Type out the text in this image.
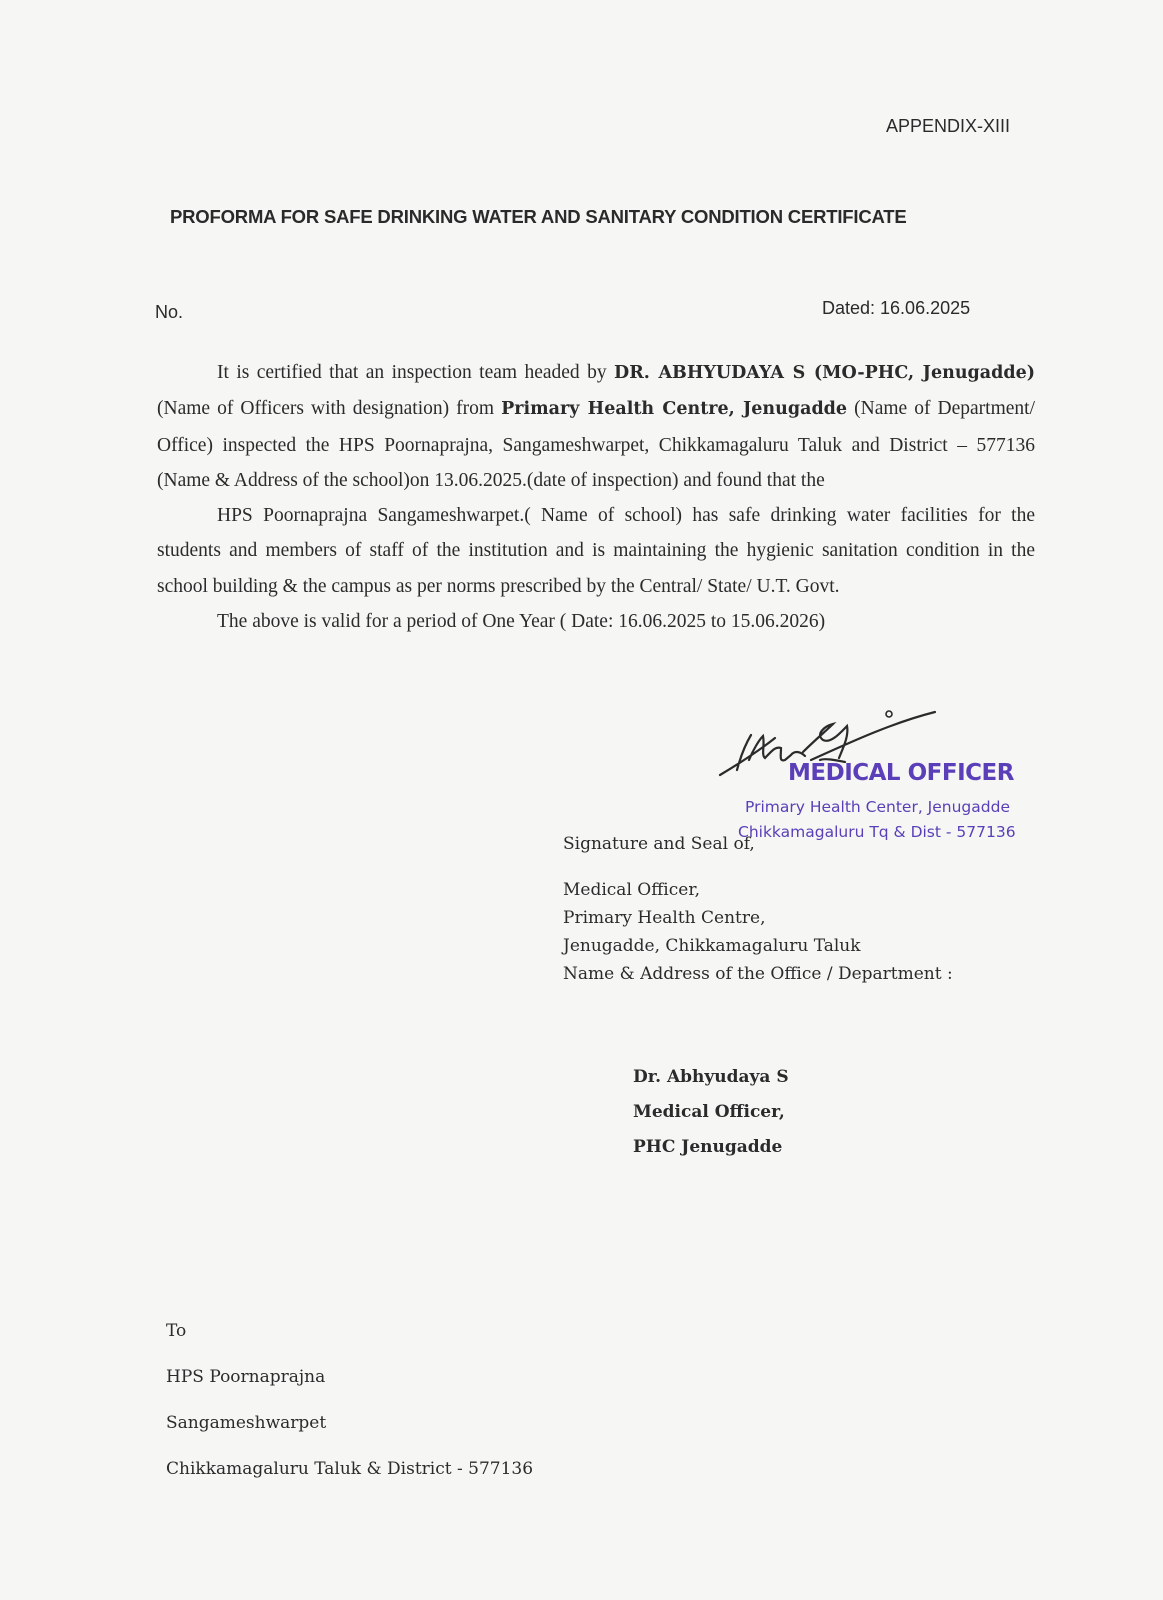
APPENDIX-XIII
PROFORMA FOR SAFE DRINKING WATER AND SANITARY CONDITION CERTIFICATE
No.	Dated: 16.06.2025

It is certified that an inspection team headed by DR. ABHYUDAYA S (MO-PHC, Jenugadde) (Name of Officers with designation) from Primary Health Centre, Jenugadde (Name of Department/ Office) inspected the HPS Poornaprajna, Sangameshwarpet, Chikkamagaluru Taluk and District – 577136 (Name & Address of the school)on 13.06.2025.(date of inspection) and found that the

HPS Poornaprajna Sangameshwarpet.( Name of school) has safe drinking water facilities for the students and members of staff of the institution and is maintaining the hygienic sanitation condition in the school building & the campus as per norms prescribed by the Central/ State/ U.T. Govt.

The above is valid for a period of One Year ( Date: 16.06.2025 to 15.06.2026)

MEDICAL OFFICER
Primary Health Center, Jenugadde
Chikkamagaluru Tq & Dist - 577136
Signature and Seal of,
Medical Officer,
Primary Health Centre,
Jenugadde, Chikkamagaluru Taluk
Name & Address of the Office / Department :
Dr. Abhyudaya S
Medical Officer,
PHC Jenugadde
To
HPS Poornaprajna
Sangameshwarpet
Chikkamagaluru Taluk & District - 577136
